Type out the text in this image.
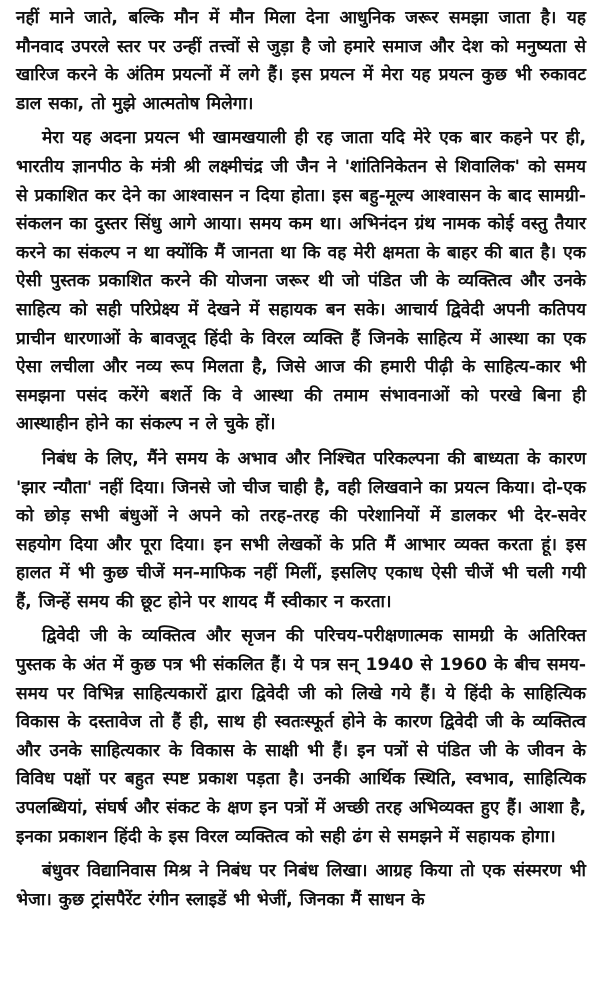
नहीं माने जाते, बल्कि मौन में मौन मिला देना आधुनिक जरूर समझा जाता है। यह मौनवाद उपरले स्तर पर उन्हीं तत्त्वों से जुड़ा है जो हमारे समाज और देश को मनुष्यता से खारिज करने के अंतिम प्रयत्नों में लगे हैं। इस प्रयत्न में मेरा यह प्रयत्न कुछ भी रुकावट डाल सका, तो मुझे आत्मतोष मिलेगा।

मेरा यह अदना प्रयत्न भी खामखयाली ही रह जाता यदि मेरे एक बार कहने पर ही, भारतीय ज्ञानपीठ के मंत्री श्री लक्ष्मीचंद्र जी जैन ने 'शांतिनिकेतन से शिवालिक' को समय से प्रकाशित कर देने का आश्वासन न दिया होता। इस बहु-मूल्य आश्वासन के बाद सामग्री-संकलन का दुस्तर सिंधु आगे आया। समय कम था। अभिनंदन ग्रंथ नामक कोई वस्तु तैयार करने का संकल्प न था क्योंकि मैं जानता था कि वह मेरी क्षमता के बाहर की बात है। एक ऐसी पुस्तक प्रकाशित करने की योजना जरूर थी जो पंडित जी के व्यक्तित्व और उनके साहित्य को सही परिप्रेक्ष्य में देखने में सहायक बन सके। आचार्य द्विवेदी अपनी कतिपय प्राचीन धारणाओं के बावजूद हिंदी के विरल व्यक्ति हैं जिनके साहित्य में आस्था का एक ऐसा लचीला और नव्य रूप मिलता है, जिसे आज की हमारी पीढ़ी के साहित्य-कार भी समझना पसंद करेंगे बशर्ते कि वे आस्था की तमाम संभावनाओं को परखे बिना ही आस्थाहीन होने का संकल्प न ले चुके हों।

निबंध के लिए, मैंने समय के अभाव और निश्चित परिकल्पना की बाध्यता के कारण 'झार न्यौता' नहीं दिया। जिनसे जो चीज चाही है, वही लिखवाने का प्रयत्न किया। दो-एक को छोड़ सभी बंधुओं ने अपने को तरह-तरह की परेशानियों में डालकर भी देर-सवेर सहयोग दिया और पूरा दिया। इन सभी लेखकों के प्रति मैं आभार व्यक्त करता हूं। इस हालत में भी कुछ चीजें मन-माफिक नहीं मिलीं, इसलिए एकाध ऐसी चीजें भी चली गयी हैं, जिन्हें समय की छूट होने पर शायद मैं स्वीकार न करता।

द्विवेदी जी के व्यक्तित्व और सृजन की परिचय-परीक्षणात्मक सामग्री के अतिरिक्त पुस्तक के अंत में कुछ पत्र भी संकलित हैं। ये पत्र सन् 1940 से 1960 के बीच समय-समय पर विभिन्न साहित्यकारों द्वारा द्विवेदी जी को लिखे गये हैं। ये हिंदी के साहित्यिक विकास के दस्तावेज तो हैं ही, साथ ही स्वतःस्फूर्त होने के कारण द्विवेदी जी के व्यक्तित्व और उनके साहित्यकार के विकास के साक्षी भी हैं। इन पत्रों से पंडित जी के जीवन के विविध पक्षों पर बहुत स्पष्ट प्रकाश पड़ता है। उनकी आर्थिक स्थिति, स्वभाव, साहित्यिक उपलब्धियां, संघर्ष और संकट के क्षण इन पत्रों में अच्छी तरह अभिव्यक्त हुए हैं। आशा है, इनका प्रकाशन हिंदी के इस विरल व्यक्तित्व को सही ढंग से समझने में सहायक होगा।

बंधुवर विद्यानिवास मिश्र ने निबंध पर निबंध लिखा। आग्रह किया तो एक संस्मरण भी भेजा। कुछ ट्रांसपैरेंट रंगीन स्लाइडें भी भेजीं, जिनका मैं साधन के
